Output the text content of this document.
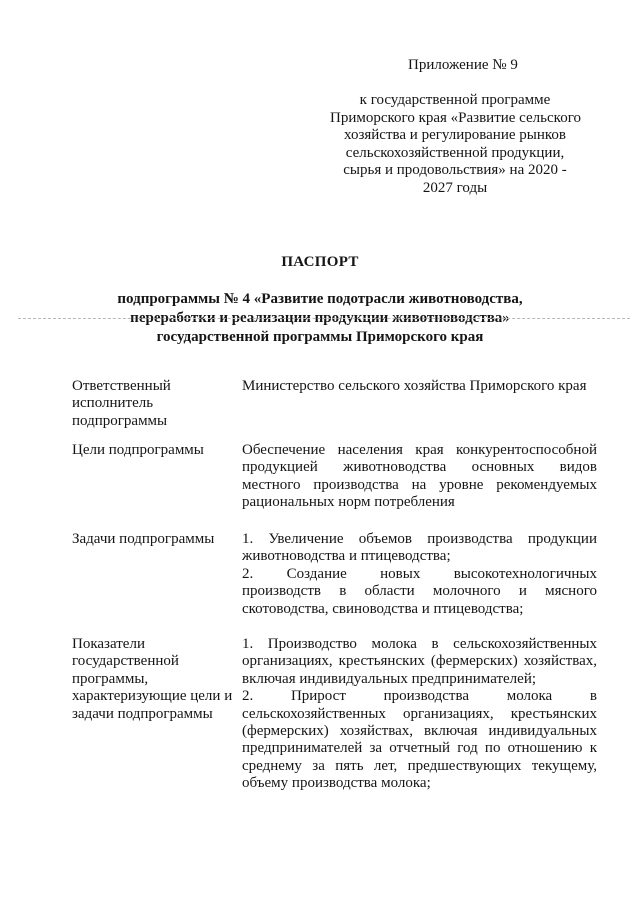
Приложение № 9
к государственной программе
Приморского края «Развитие сельского
хозяйства и регулирование рынков
сельскохозяйственной продукции,
сырья и продовольствия» на 2020 -
2027 годы
ПАСПОРТ
подпрограммы № 4 «Развитие подотрасли животноводства,
переработки и реализации продукции животноводства»
государственной программы Приморского края
Ответственный
исполнитель
подпрограммы
Министерство сельского хозяйства Приморского края
Цели подпрограммы	Обеспечение населения края конкурентоспособной
продукцией животноводства основных видов
местного производства на уровне рекомендуемых
рациональных норм потребления
Задачи подпрограммы	1. Увеличение объемов производства продукции
животноводства и птицеводства;
2. Создание новых высокотехнологичных
производств в области молочного и мясного
скотоводства, свиноводства и птицеводства;
Показатели
государственной
программы,
характеризующие цели и
задачи подпрограммы
1. Производство молока в сельскохозяйственных
организациях, крестьянских (фермерских) хозяйствах,
включая индивидуальных предпринимателей;
2. Прирост производства молока в
сельскохозяйственных организациях, крестьянских
(фермерских) хозяйствах, включая индивидуальных
предпринимателей за отчетный год по отношению к
среднему за пять лет, предшествующих текущему,
объему производства молока;
